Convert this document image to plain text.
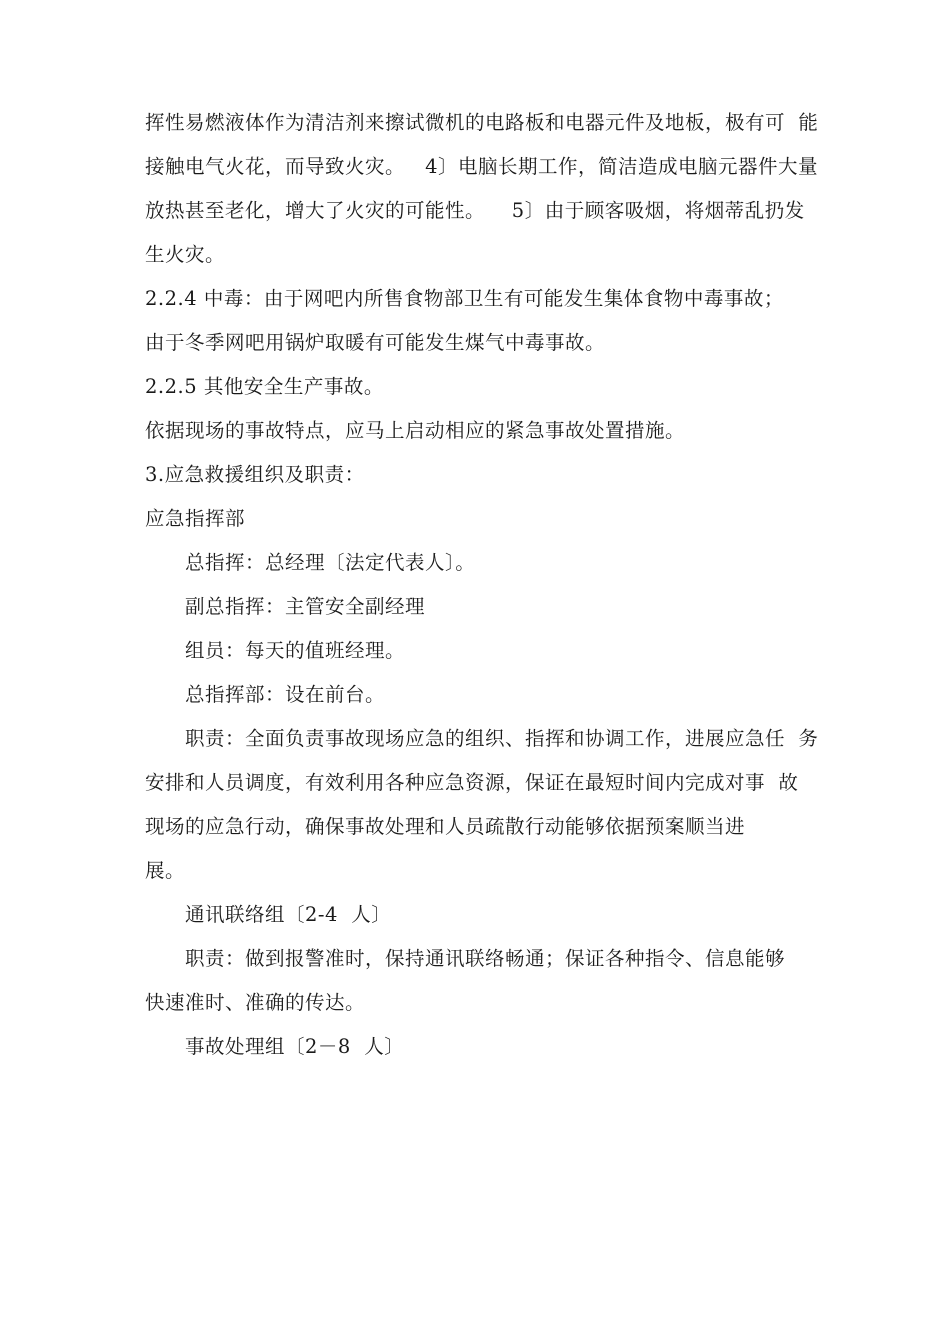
挥性易燃液体作为清洁剂来擦试微机的电路板和电器元件及地板，极有可  能
接触电气火花，而导致火灾。   4〕电脑长期工作，简洁造成电脑元器件大量
放热甚至老化，增大了火灾的可能性。    5〕由于顾客吸烟，将烟蒂乱扔发
生火灾。
2.2.4 中毒：由于网吧内所售食物部卫生有可能发生集体食物中毒事故；
由于冬季网吧用锅炉取暖有可能发生煤气中毒事故。
2.2.5 其他安全生产事故。
依据现场的事故特点，应马上启动相应的紧急事故处置措施。
3.应急救援组织及职责：
应急指挥部
总指挥：总经理〔法定代表人〕。
副总指挥：主管安全副经理
组员：每天的值班经理。
总指挥部：设在前台。
职责：全面负责事故现场应急的组织、指挥和协调工作，进展应急任  务
安排和人员调度，有效利用各种应急资源，保证在最短时间内完成对事  故
现场的应急行动，确保事故处理和人员疏散行动能够依据预案顺当进
展。
通讯联络组〔2-4  人〕
职责：做到报警准时，保持通讯联络畅通；保证各种指令、信息能够
快速准时、准确的传达。
事故处理组〔2－8  人〕
